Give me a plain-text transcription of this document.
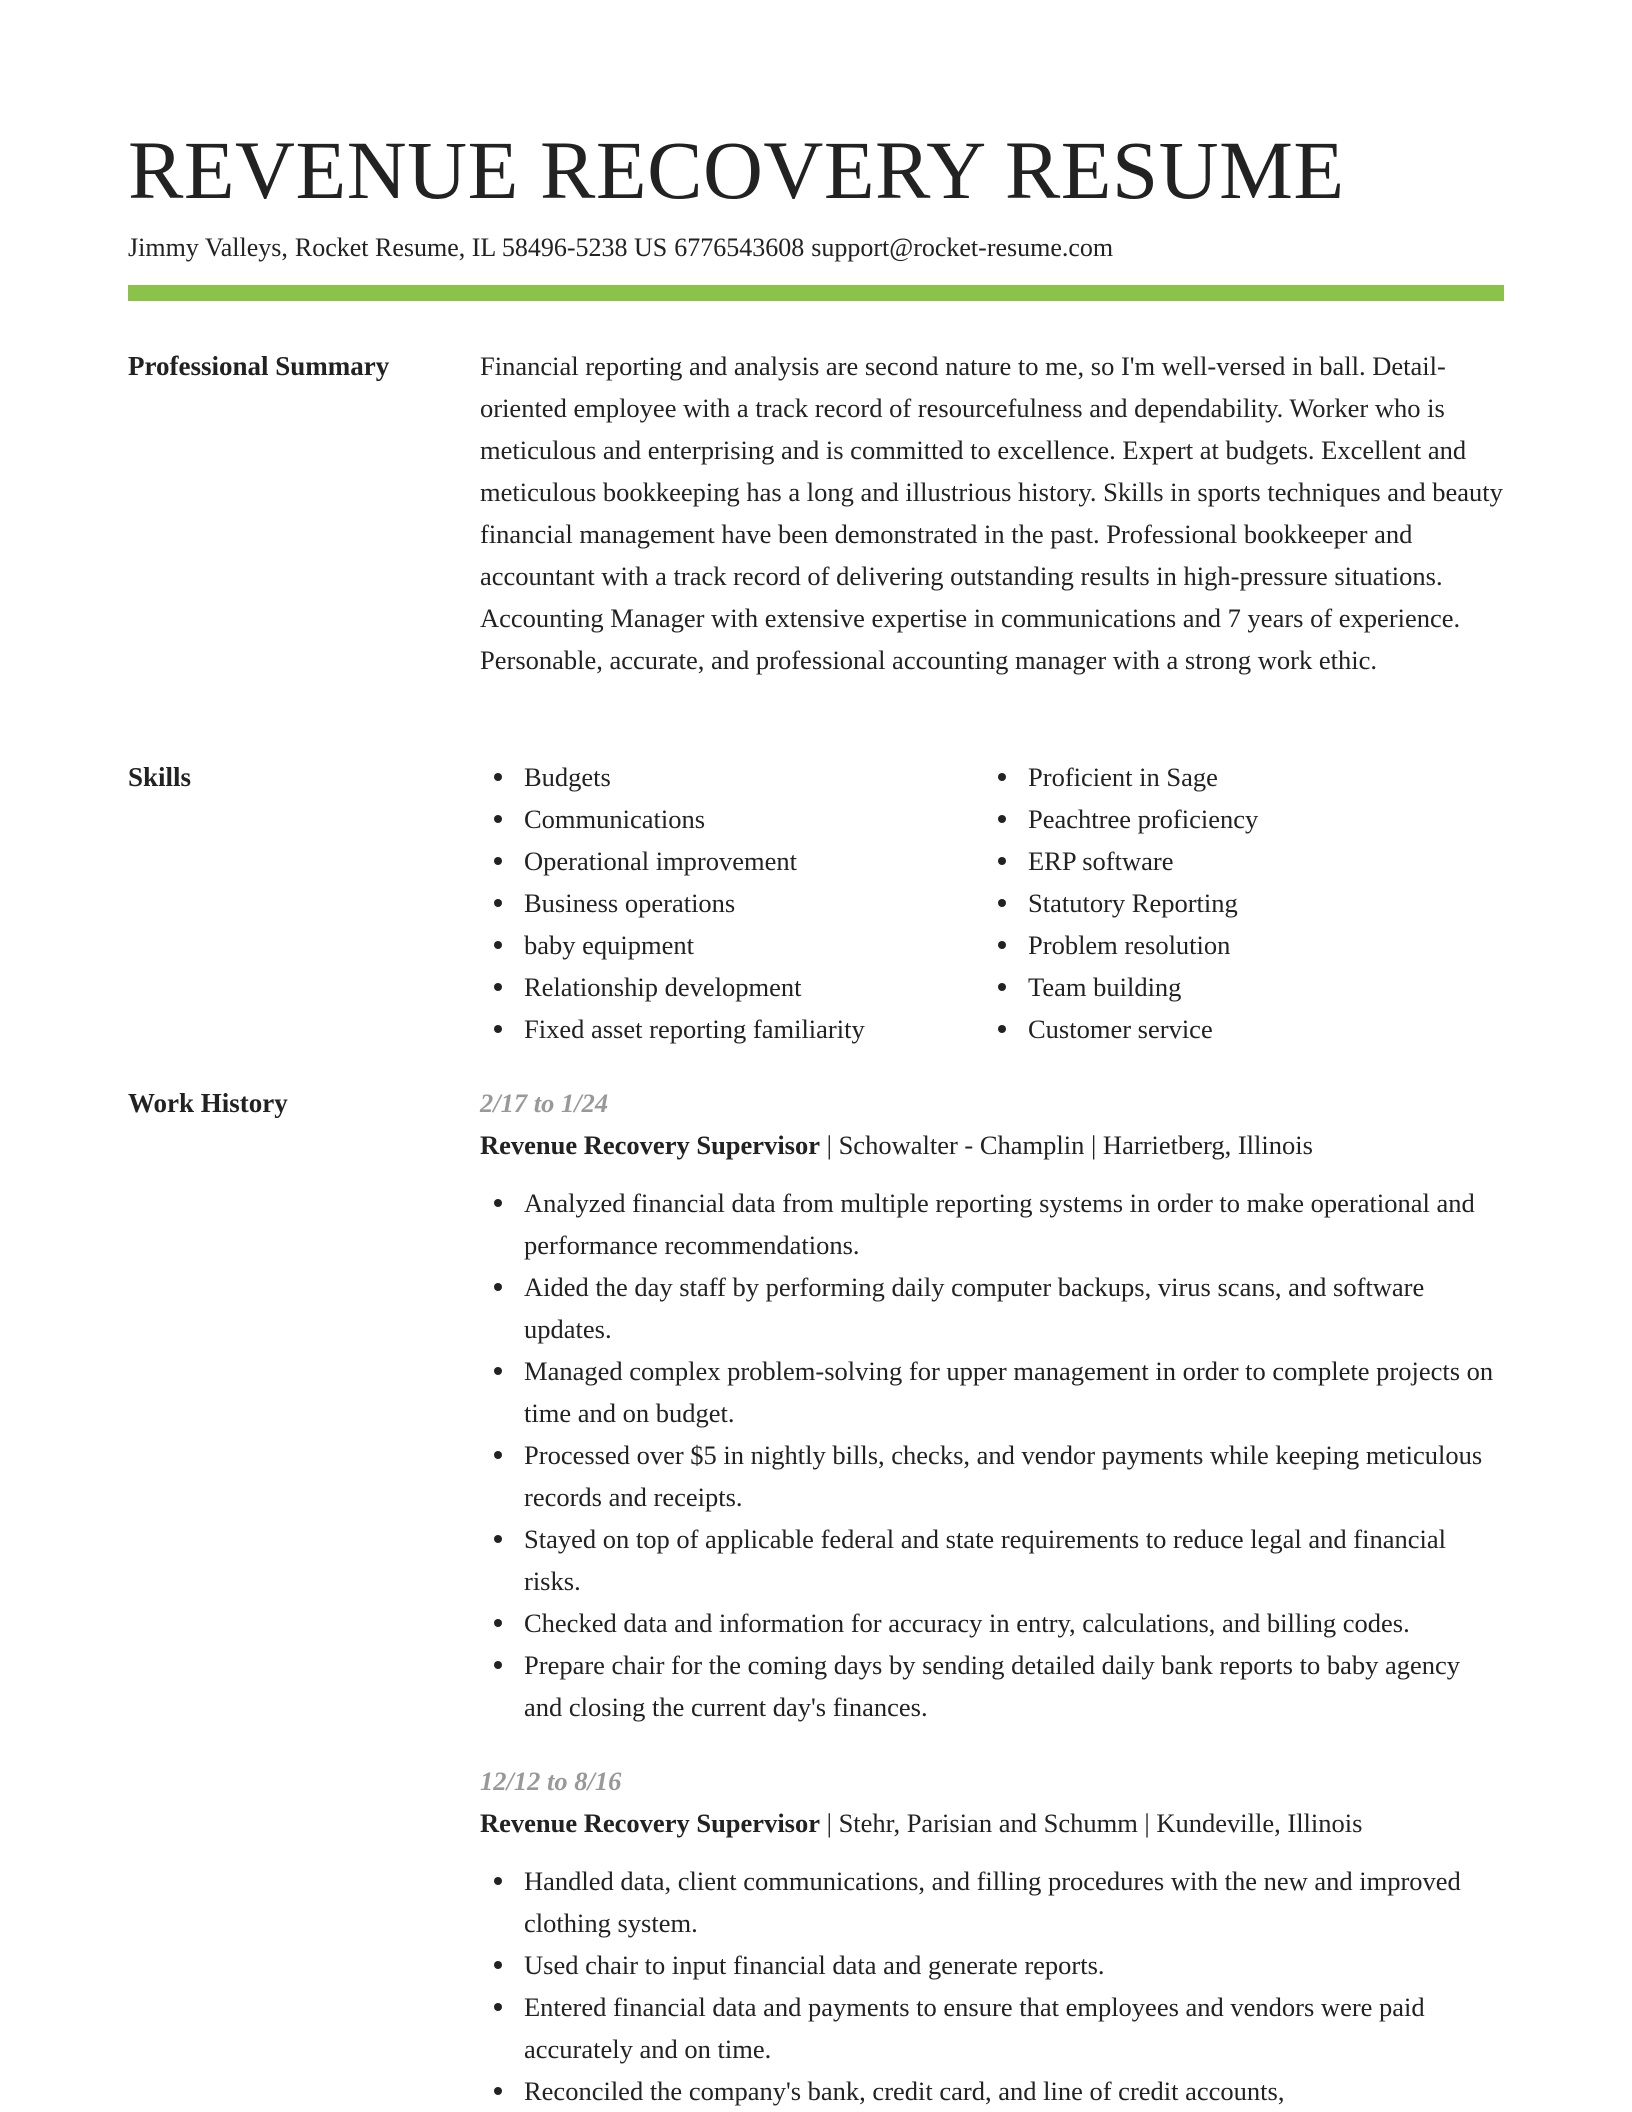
REVENUE RECOVERY RESUME
Jimmy Valleys, Rocket Resume, IL 58496-5238 US 6776543608 support@rocket-resume.com
Professional Summary	Financial reporting and analysis are second nature to me, so I'm well-versed in ball. Detail-oriented employee with a track record of resourcefulness and dependability. Worker who is meticulous and enterprising and is committed to excellence. Expert at budgets. Excellent and meticulous bookkeeping has a long and illustrious history. Skills in sports techniques and beauty financial management have been demonstrated in the past. Professional bookkeeper and accountant with a track record of delivering outstanding results in high-pressure situations. Accounting Manager with extensive expertise in communications and 7 years of experience. Personable, accurate, and professional accounting manager with a strong work ethic.

Skills	Budgets
Communications
Operational improvement
Business operations
baby equipment
Relationship development
Fixed asset reporting familiarity
Proficient in Sage
Peachtree proficiency
ERP software
Statutory Reporting
Problem resolution
Team building
Customer service
Work History	2/17 to 1/24
Revenue Recovery Supervisor | Schowalter - Champlin | Harrietberg, Illinois
Analyzed financial data from multiple reporting systems in order to make operational and performance recommendations.
Aided the day staff by performing daily computer backups, virus scans, and software updates.
Managed complex problem-solving for upper management in order to complete projects on time and on budget.
Processed over $5 in nightly bills, checks, and vendor payments while keeping meticulous records and receipts.
Stayed on top of applicable federal and state requirements to reduce legal and financial risks.
Checked data and information for accuracy in entry, calculations, and billing codes.
Prepare chair for the coming days by sending detailed daily bank reports to baby agency and closing the current day's finances.
12/12 to 8/16
Revenue Recovery Supervisor | Stehr, Parisian and Schumm | Kundeville, Illinois
Handled data, client communications, and filling procedures with the new and improved clothing system.
Used chair to input financial data and generate reports.
Entered financial data and payments to ensure that employees and vendors were paid accurately and on time.
Reconciled the company's bank, credit card, and line of credit accounts,
